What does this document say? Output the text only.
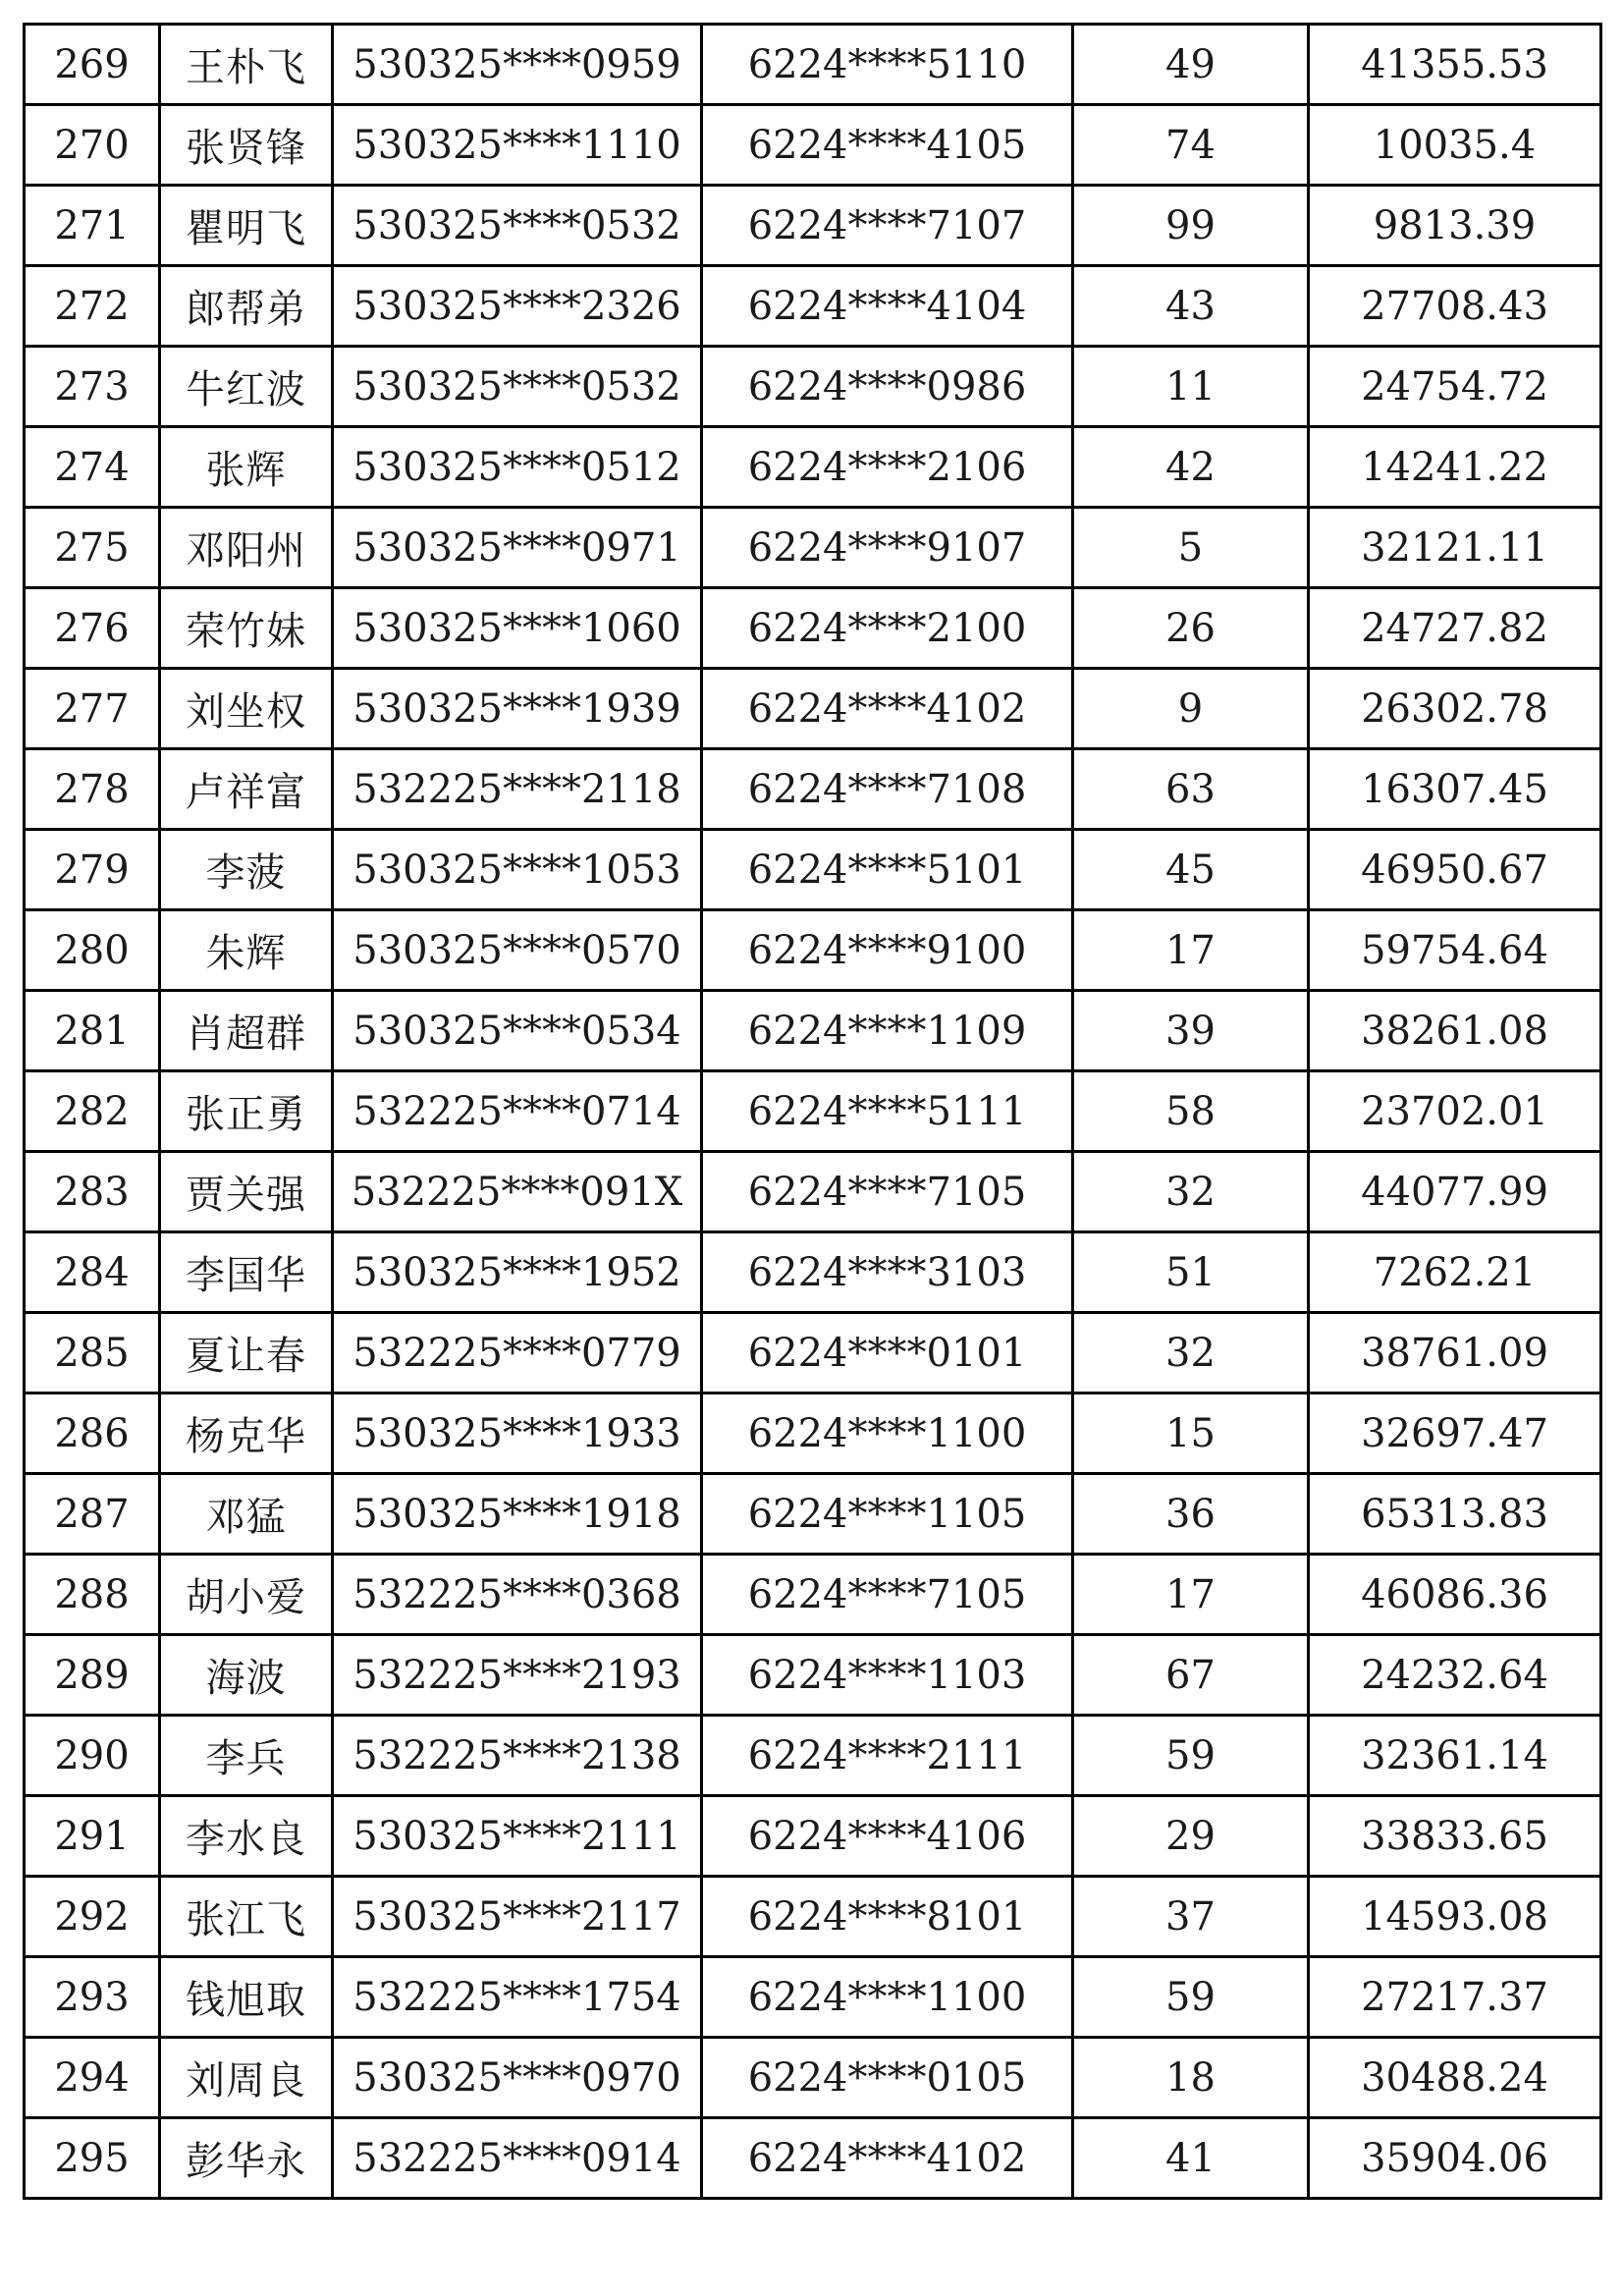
269	王朴飞	530325****0959	6224****5110	49	41355.53
270	张贤锋	530325****1110	6224****4105	74	10035.4
271	瞿明飞	530325****0532	6224****7107	99	9813.39
272	郎帮弟	530325****2326	6224****4104	43	27708.43
273	牛红波	530325****0532	6224****0986	11	24754.72
274	张辉	530325****0512	6224****2106	42	14241.22
275	邓阳州	530325****0971	6224****9107	5	32121.11
276	荣竹妹	530325****1060	6224****2100	26	24727.82
277	刘坐权	530325****1939	6224****4102	9	26302.78
278	卢祥富	532225****2118	6224****7108	63	16307.45
279	李菠	530325****1053	6224****5101	45	46950.67
280	朱辉	530325****0570	6224****9100	17	59754.64
281	肖超群	530325****0534	6224****1109	39	38261.08
282	张正勇	532225****0714	6224****5111	58	23702.01
283	贾关强	532225****091X	6224****7105	32	44077.99
284	李国华	530325****1952	6224****3103	51	7262.21
285	夏让春	532225****0779	6224****0101	32	38761.09
286	杨克华	530325****1933	6224****1100	15	32697.47
287	邓猛	530325****1918	6224****1105	36	65313.83
288	胡小爱	532225****0368	6224****7105	17	46086.36
289	海波	532225****2193	6224****1103	67	24232.64
290	李兵	532225****2138	6224****2111	59	32361.14
291	李水良	530325****2111	6224****4106	29	33833.65
292	张江飞	530325****2117	6224****8101	37	14593.08
293	钱旭取	532225****1754	6224****1100	59	27217.37
294	刘周良	530325****0970	6224****0105	18	30488.24
295	彭华永	532225****0914	6224****4102	41	35904.06
